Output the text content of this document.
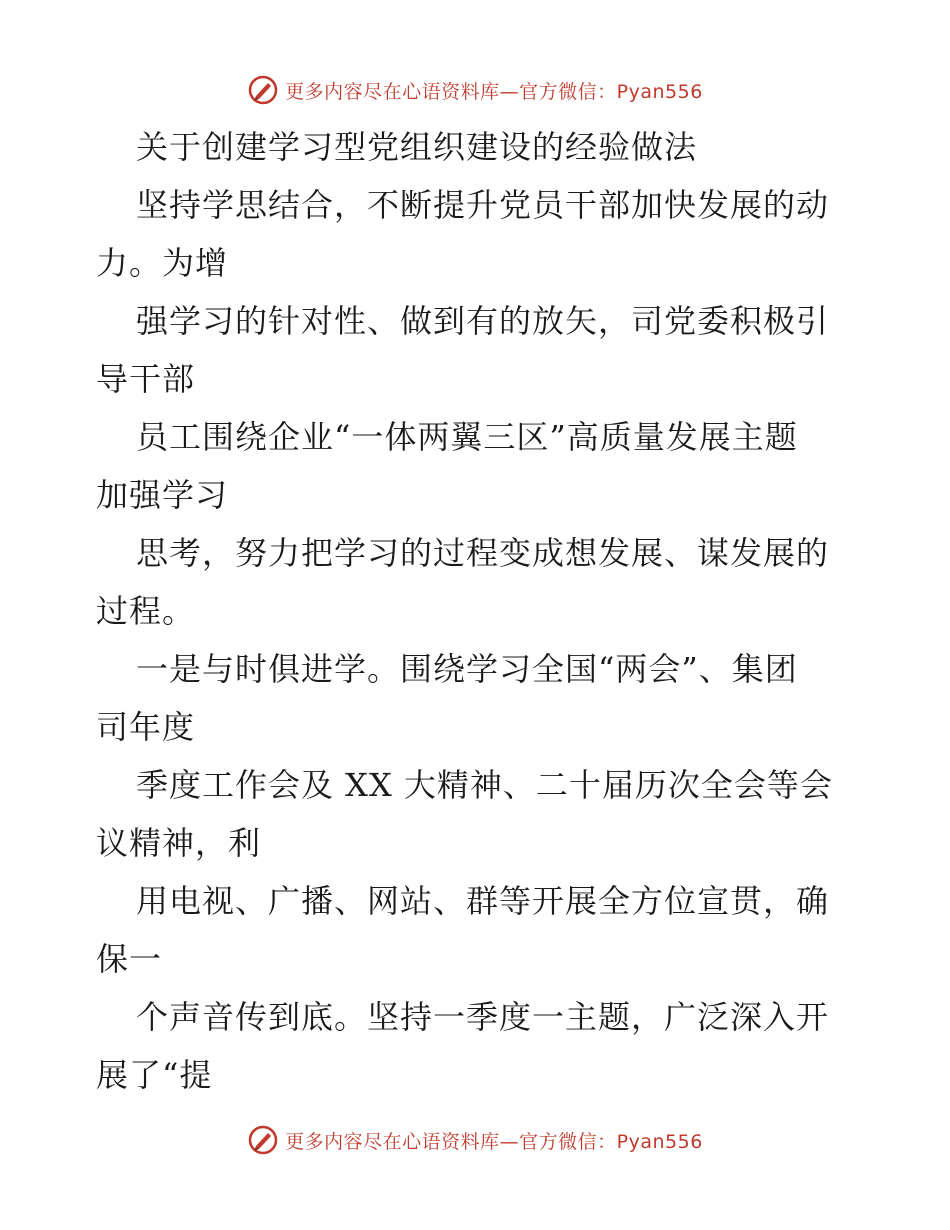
更多内容尽在心语资料库—官方微信：Pyan556
关于创建学习型党组织建设的经验做法
坚持学思结合，不断提升党员干部加快发展的动
力。为增
强学习的针对性、做到有的放矢，司党委积极引
导干部
员工围绕企业“一体两翼三区”高质量发展主题
加强学习
思考，努力把学习的过程变成想发展、谋发展的
过程。
一是与时俱进学。围绕学习全国“两会”、集团
司年度
季度工作会及 XX 大精神、二十届历次全会等会
议精神，利
用电视、广播、网站、群等开展全方位宣贯，确
保一
个声音传到底。坚持一季度一主题，广泛深入开
展了“提
更多内容尽在心语资料库—官方微信：Pyan556
